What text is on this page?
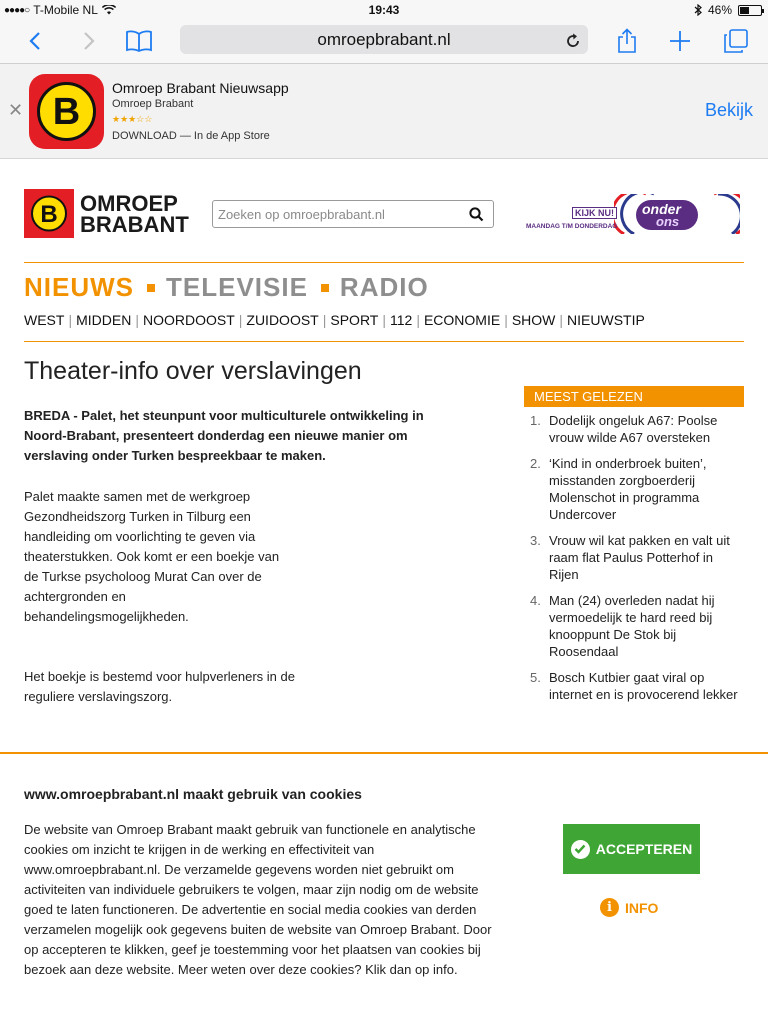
●●●●○ T-Mobile NL	19:43	46%
omroepbrabant.nl
✕ B
Omroep Brabant Nieuwsapp
Omroep Brabant
★★★☆☆
DOWNLOAD — In de App Store
Bekijk
B OMROEP
BRABANT
Zoeken op omroepbrabant.nl	KIJK NU!
MAANDAG T/M DONDERDAG
onder
ons
NIEUWS TELEVISIE RADIO
WEST | MIDDEN | NOORDOOST | ZUIDOOST | SPORT | 112 | ECONOMIE | SHOW | NIEUWSTIP
Theater-info over verslavingen

BREDA - Palet, het steunpunt voor multiculturele ontwikkeling in Noord-Brabant, presenteert donderdag een nieuwe manier om verslaving onder Turken bespreekbaar te maken.

Palet maakte samen met de werkgroep Gezondheidszorg Turken in Tilburg een handleiding om voorlichting te geven via theaterstukken. Ook komt er een boekje van de Turkse psycholoog Murat Can over de achtergronden en behandelingsmogelijkheden.

Het boekje is bestemd voor hulpverleners in de reguliere verslavingszorg.

MEEST GELEZEN
1. Dodelijk ongeluk A67: Poolse vrouw wilde A67 oversteken
2. ‘Kind in onderbroek buiten’, misstanden zorgboerderij Molenschot in programma Undercover
3. Vrouw wil kat pakken en valt uit raam flat Paulus Potterhof in Rijen
4. Man (24) overleden nadat hij vermoedelijk te hard reed bij knooppunt De Stok bij Roosendaal
5. Bosch Kutbier gaat viral op internet en is provocerend lekker
www.omroepbrabant.nl maakt gebruik van cookies
De website van Omroep Brabant maakt gebruik van functionele en analytische cookies om inzicht te krijgen in de werking en effectiviteit van www.omroepbrabant.nl. De verzamelde gegevens worden niet gebruikt om activiteiten van individuele gebruikers te volgen, maar zijn nodig om de website goed te laten functioneren. De advertentie en social media cookies van derden verzamelen mogelijk ook gegevens buiten de website van Omroep Brabant. Door op accepteren te klikken, geef je toestemming voor het plaatsen van cookies bij bezoek aan deze website. Meer weten over deze cookies? Klik dan op info.
ACCEPTEREN
i INFO
